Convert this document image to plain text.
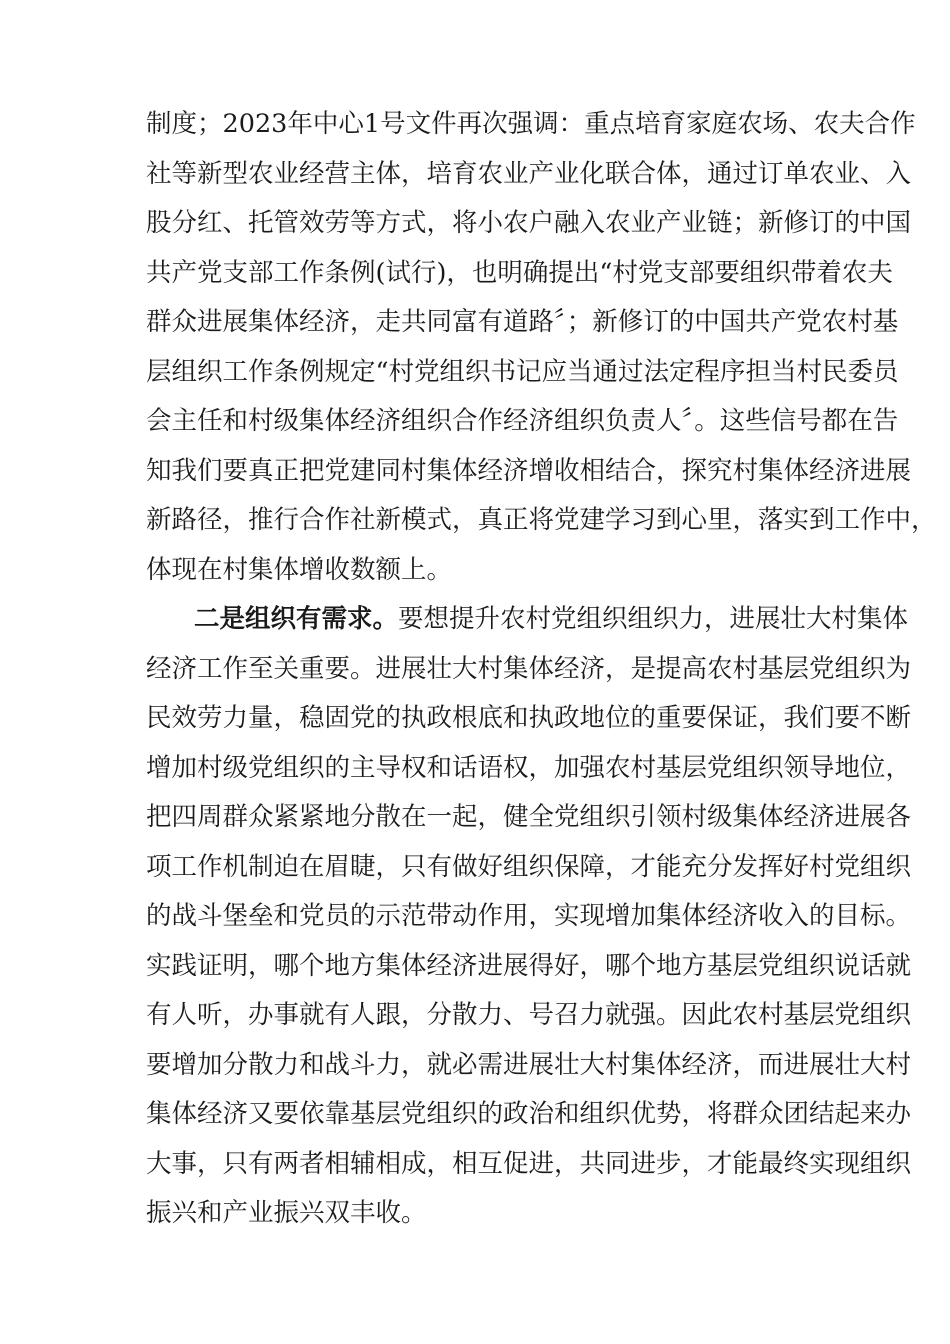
制度；2023年中心1号文件再次强调：重点培育家庭农场、农夫合作
社等新型农业经营主体，培育农业产业化联合体，通过订单农业、入
股分红、托管效劳等方式，将小农户融入农业产业链；新修订的中国
共产党支部工作条例(试行)，也明确提出“村党支部要组织带着农夫
群众进展集体经济，走共同富有道路〞；新修订的中国共产党农村基
层组织工作条例规定“村党组织书记应当通过法定程序担当村民委员
会主任和村级集体经济组织合作经济组织负责人〞。这些信号都在告
知我们要真正把党建同村集体经济增收相结合，探究村集体经济进展
新路径，推行合作社新模式，真正将党建学习到心里，落实到工作中，
体现在村集体增收数额上。
二是组织有需求。要想提升农村党组织组织力，进展壮大村集体
经济工作至关重要。进展壮大村集体经济，是提高农村基层党组织为
民效劳力量，稳固党的执政根底和执政地位的重要保证，我们要不断
增加村级党组织的主导权和话语权，加强农村基层党组织领导地位，
把四周群众紧紧地分散在一起，健全党组织引领村级集体经济进展各
项工作机制迫在眉睫，只有做好组织保障，才能充分发挥好村党组织
的战斗堡垒和党员的示范带动作用，实现增加集体经济收入的目标。
实践证明，哪个地方集体经济进展得好，哪个地方基层党组织说话就
有人听，办事就有人跟，分散力、号召力就强。因此农村基层党组织
要增加分散力和战斗力，就必需进展壮大村集体经济，而进展壮大村
集体经济又要依靠基层党组织的政治和组织优势，将群众团结起来办
大事，只有两者相辅相成，相互促进，共同进步，才能最终实现组织
振兴和产业振兴双丰收。
